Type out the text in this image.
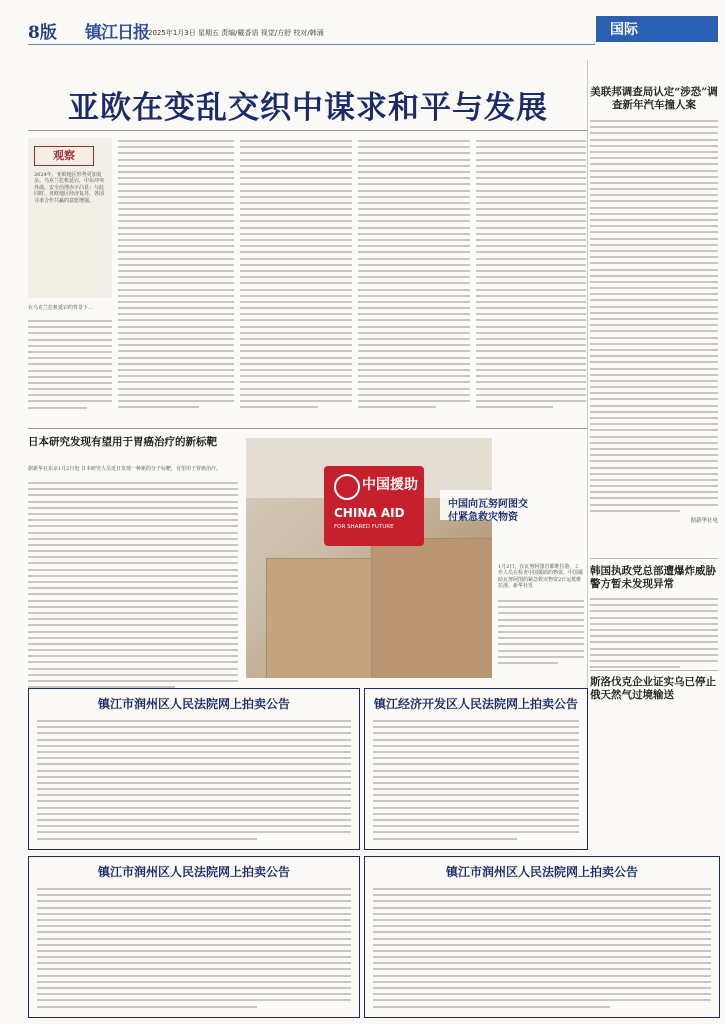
8版 镇江日报 2025年1月3日 星期五 责编/戴香语 视觉/方舒 校对/韩涌	国际
亚欧在变乱交织中谋求和平与发展
观察
2024年，亚欧地区形势更加复杂。乌克兰危机延宕，中东冲突外溢，安全治理赤字凸显；与此同时，亚欧地区经济复苏，各国寻求合作共赢的意愿增强。
在乌克兰危机延宕的背景下…
美联邦调查局认定“涉恐”调查新年汽车撞人案
据新华社电
韩国执政党总部遭爆炸威胁警方暂未发现异常
斯洛伐克企业证实乌已停止俄天然气过境输送
日本研究发现有望用于胃癌治疗的新标靶
据新华社东京1月2日电 日本研究人员近日发现一种新的分子标靶，有望用于胃癌治疗。
中国援助
CHINA AID
FOR SHARED FUTURE
中国向瓦努阿图交付紧急救灾物资
1月2日，在瓦努阿图首都维拉港，工作人员在检查中国援助的物资。中国援助瓦努阿图的紧急救灾物资2日运抵维拉港。新华社发
镇江市润州区人民法院网上拍卖公告	镇江经济开发区人民法院网上拍卖公告
镇江市润州区人民法院网上拍卖公告	镇江市润州区人民法院网上拍卖公告
